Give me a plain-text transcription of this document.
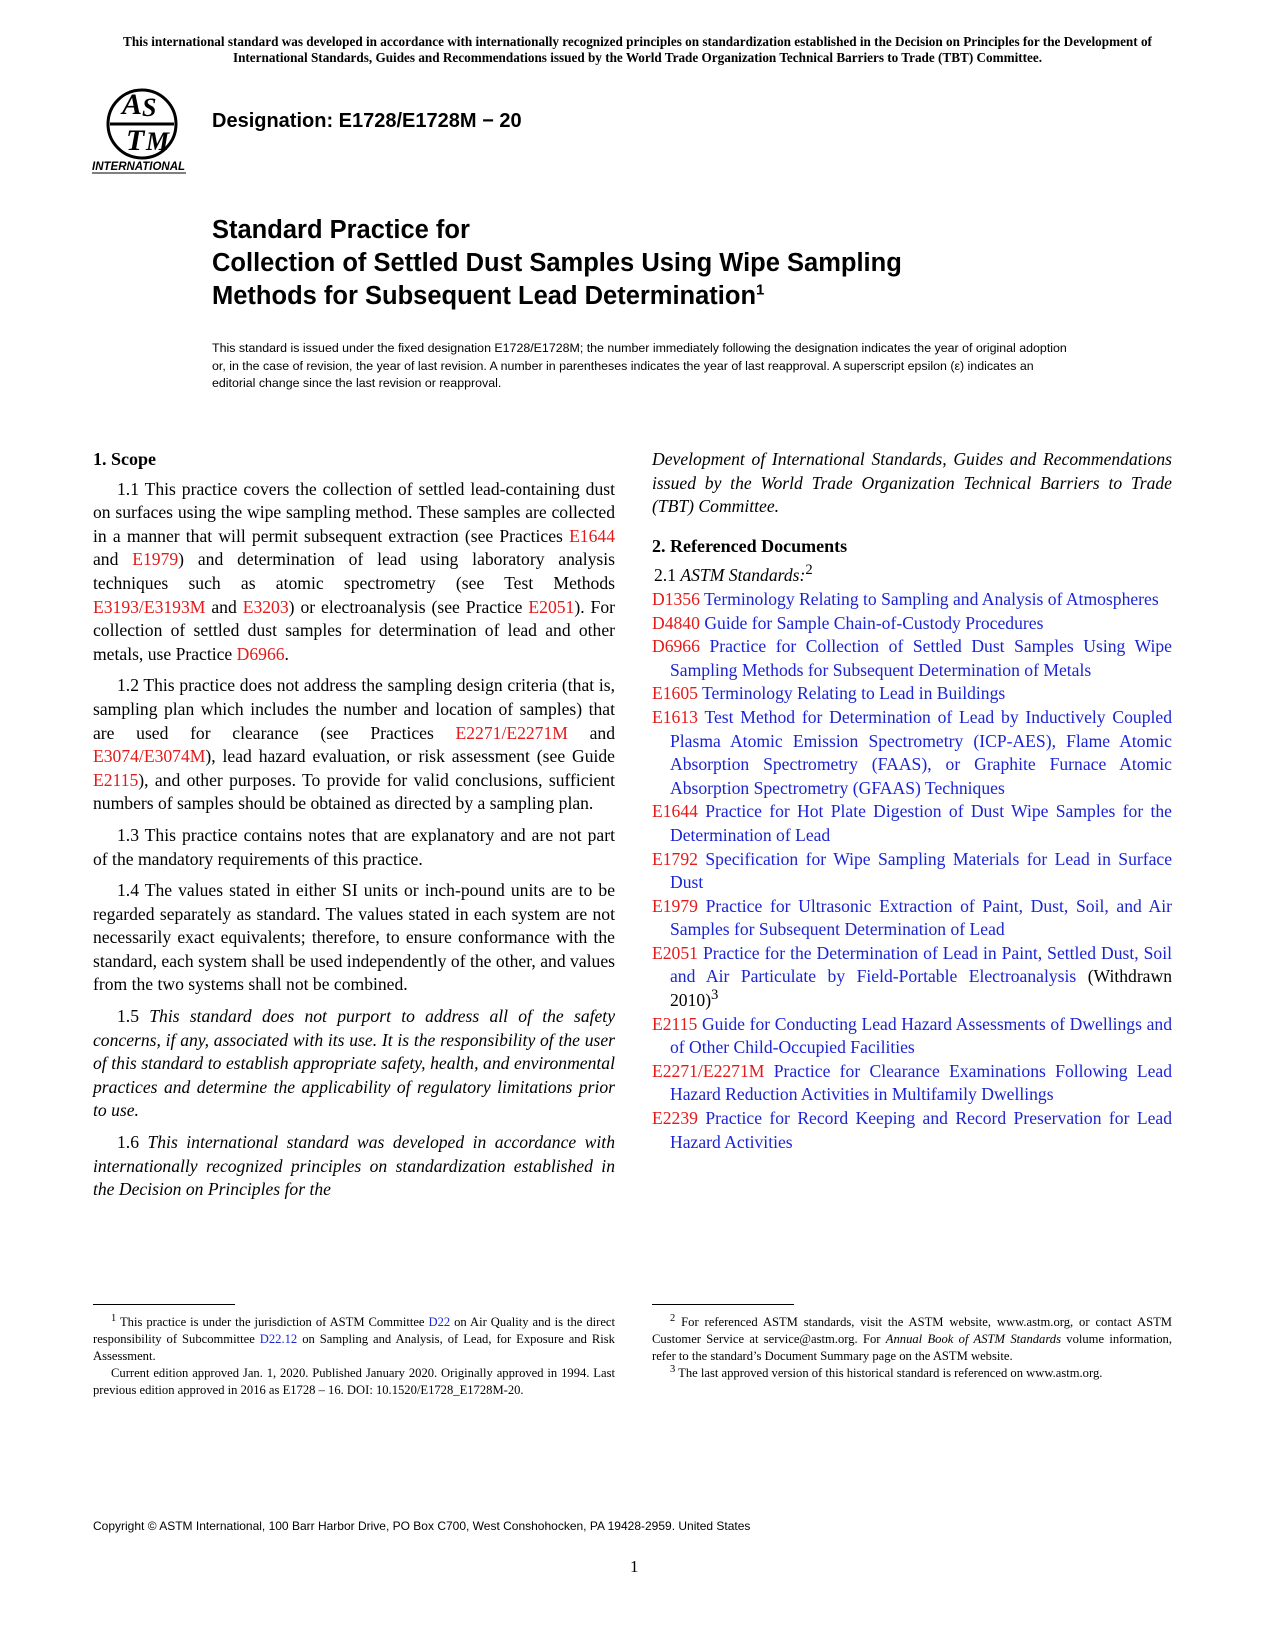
This international standard was developed in accordance with internationally recognized principles on standardization established in the Decision on Principles for the Development of International Standards, Guides and Recommendations issued by the World Trade Organization Technical Barriers to Trade (TBT) Committee.
A S
T M
INTERNATIONAL
Designation: E1728/E1728M − 20
Standard Practice for
Collection of Settled Dust Samples Using Wipe Sampling
Methods for Subsequent Lead Determination$^1$
This standard is issued under the fixed designation E1728/E1728M; the number immediately following the designation indicates the year of original adoption or, in the case of revision, the year of last revision. A number in parentheses indicates the year of last reapproval. A superscript epsilon (ε) indicates an editorial change since the last revision or reapproval.
1. Scope

1.1 This practice covers the collection of settled lead-containing dust on surfaces using the wipe sampling method. These samples are collected in a manner that will permit subsequent extraction (see Practices E1644 and E1979) and determination of lead using laboratory analysis techniques such as atomic spectrometry (see Test Methods E3193/E3193M and E3203) or electroanalysis (see Practice E2051). For collection of settled dust samples for determination of lead and other metals, use Practice D6966.

1.2 This practice does not address the sampling design criteria (that is, sampling plan which includes the number and location of samples) that are used for clearance (see Practices E2271/E2271M and E3074/E3074M), lead hazard evaluation, or risk assessment (see Guide E2115), and other purposes. To provide for valid conclusions, sufficient numbers of samples should be obtained as directed by a sampling plan.

1.3 This practice contains notes that are explanatory and are not part of the mandatory requirements of this practice.

1.4 The values stated in either SI units or inch-pound units are to be regarded separately as standard. The values stated in each system are not necessarily exact equivalents; therefore, to ensure conformance with the standard, each system shall be used independently of the other, and values from the two systems shall not be combined.

1.5 This standard does not purport to address all of the safety concerns, if any, associated with its use. It is the responsibility of the user of this standard to establish appropriate safety, health, and environmental practices and determine the applicability of regulatory limitations prior to use.

1.6 This international standard was developed in accordance with internationally recognized principles on standardization established in the Decision on Principles for the

Development of International Standards, Guides and Recommendations issued by the World Trade Organization Technical Barriers to Trade (TBT) Committee.

2. Referenced Documents

2.1 ASTM Standards:$^2$

D1356 Terminology Relating to Sampling and Analysis of Atmospheres

D4840 Guide for Sample Chain-of-Custody Procedures

D6966 Practice for Collection of Settled Dust Samples Using Wipe Sampling Methods for Subsequent Determination of Metals

E1605 Terminology Relating to Lead in Buildings

E1613 Test Method for Determination of Lead by Inductively Coupled Plasma Atomic Emission Spectrometry (ICP-AES), Flame Atomic Absorption Spectrometry (FAAS), or Graphite Furnace Atomic Absorption Spectrometry (GFAAS) Techniques

E1644 Practice for Hot Plate Digestion of Dust Wipe Samples for the Determination of Lead

E1792 Specification for Wipe Sampling Materials for Lead in Surface Dust

E1979 Practice for Ultrasonic Extraction of Paint, Dust, Soil, and Air Samples for Subsequent Determination of Lead

E2051 Practice for the Determination of Lead in Paint, Settled Dust, Soil and Air Particulate by Field-Portable Electroanalysis (Withdrawn 2010)$^3$

E2115 Guide for Conducting Lead Hazard Assessments of Dwellings and of Other Child-Occupied Facilities

E2271/E2271M Practice for Clearance Examinations Following Lead Hazard Reduction Activities in Multifamily Dwellings

E2239 Practice for Record Keeping and Record Preservation for Lead Hazard Activities

$^1$ This practice is under the jurisdiction of ASTM Committee D22 on Air Quality and is the direct responsibility of Subcommittee D22.12 on Sampling and Analysis, of Lead, for Exposure and Risk Assessment.

Current edition approved Jan. 1, 2020. Published January 2020. Originally approved in 1994. Last previous edition approved in 2016 as E1728 – 16. DOI: 10.1520/E1728_E1728M-20.

$^2$ For referenced ASTM standards, visit the ASTM website, www.astm.org, or contact ASTM Customer Service at service@astm.org. For Annual Book of ASTM Standards volume information, refer to the standard’s Document Summary page on the ASTM website.

$^3$ The last approved version of this historical standard is referenced on www.astm.org.

Copyright © ASTM International, 100 Barr Harbor Drive, PO Box C700, West Conshohocken, PA 19428-2959. United States
1
